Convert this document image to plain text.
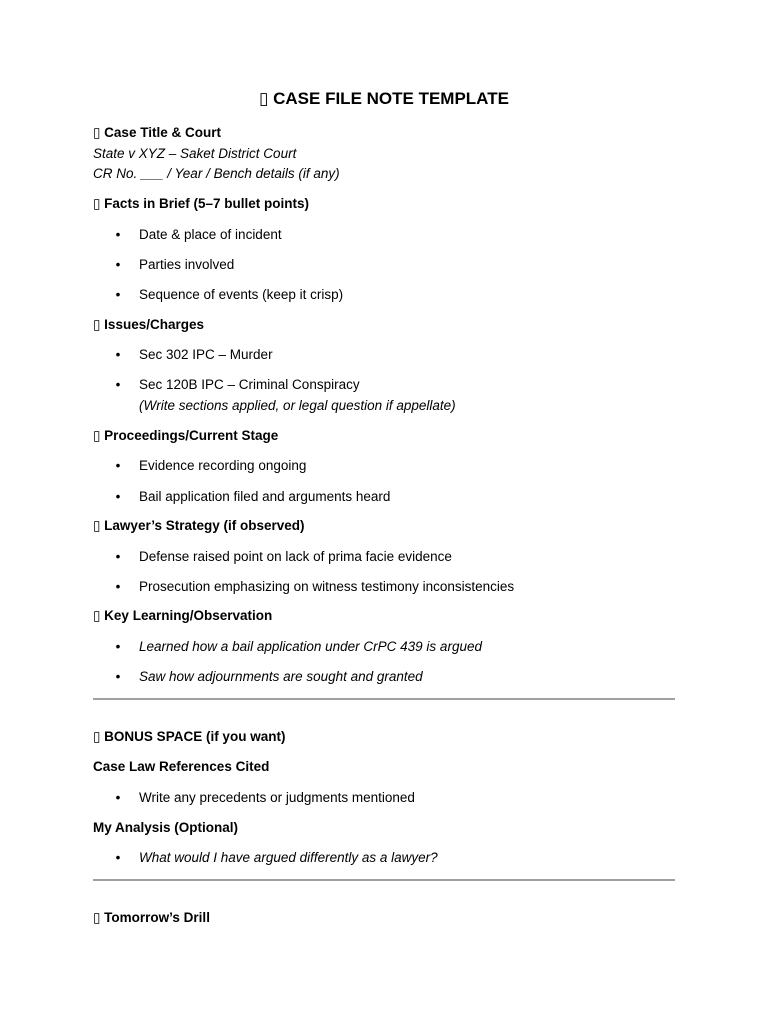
▯ CASE FILE NOTE TEMPLATE
▯ Case Title & Court
State v XYZ – Saket District Court
CR No. ___ / Year / Bench details (if any)
▯ Facts in Brief (5–7 bullet points)
• Date & place of incident
• Parties involved
• Sequence of events (keep it crisp)
▯ Issues/Charges
• Sec 302 IPC – Murder
• Sec 120B IPC – Criminal Conspiracy
(Write sections applied, or legal question if appellate)
▯ Proceedings/Current Stage
• Evidence recording ongoing
• Bail application filed and arguments heard
▯ Lawyer’s Strategy (if observed)
• Defense raised point on lack of prima facie evidence
• Prosecution emphasizing on witness testimony inconsistencies
▯ Key Learning/Observation
• Learned how a bail application under CrPC 439 is argued
• Saw how adjournments are sought and granted
▯ BONUS SPACE (if you want)
Case Law References Cited
• Write any precedents or judgments mentioned
My Analysis (Optional)
• What would I have argued differently as a lawyer?
▯ Tomorrow’s Drill
